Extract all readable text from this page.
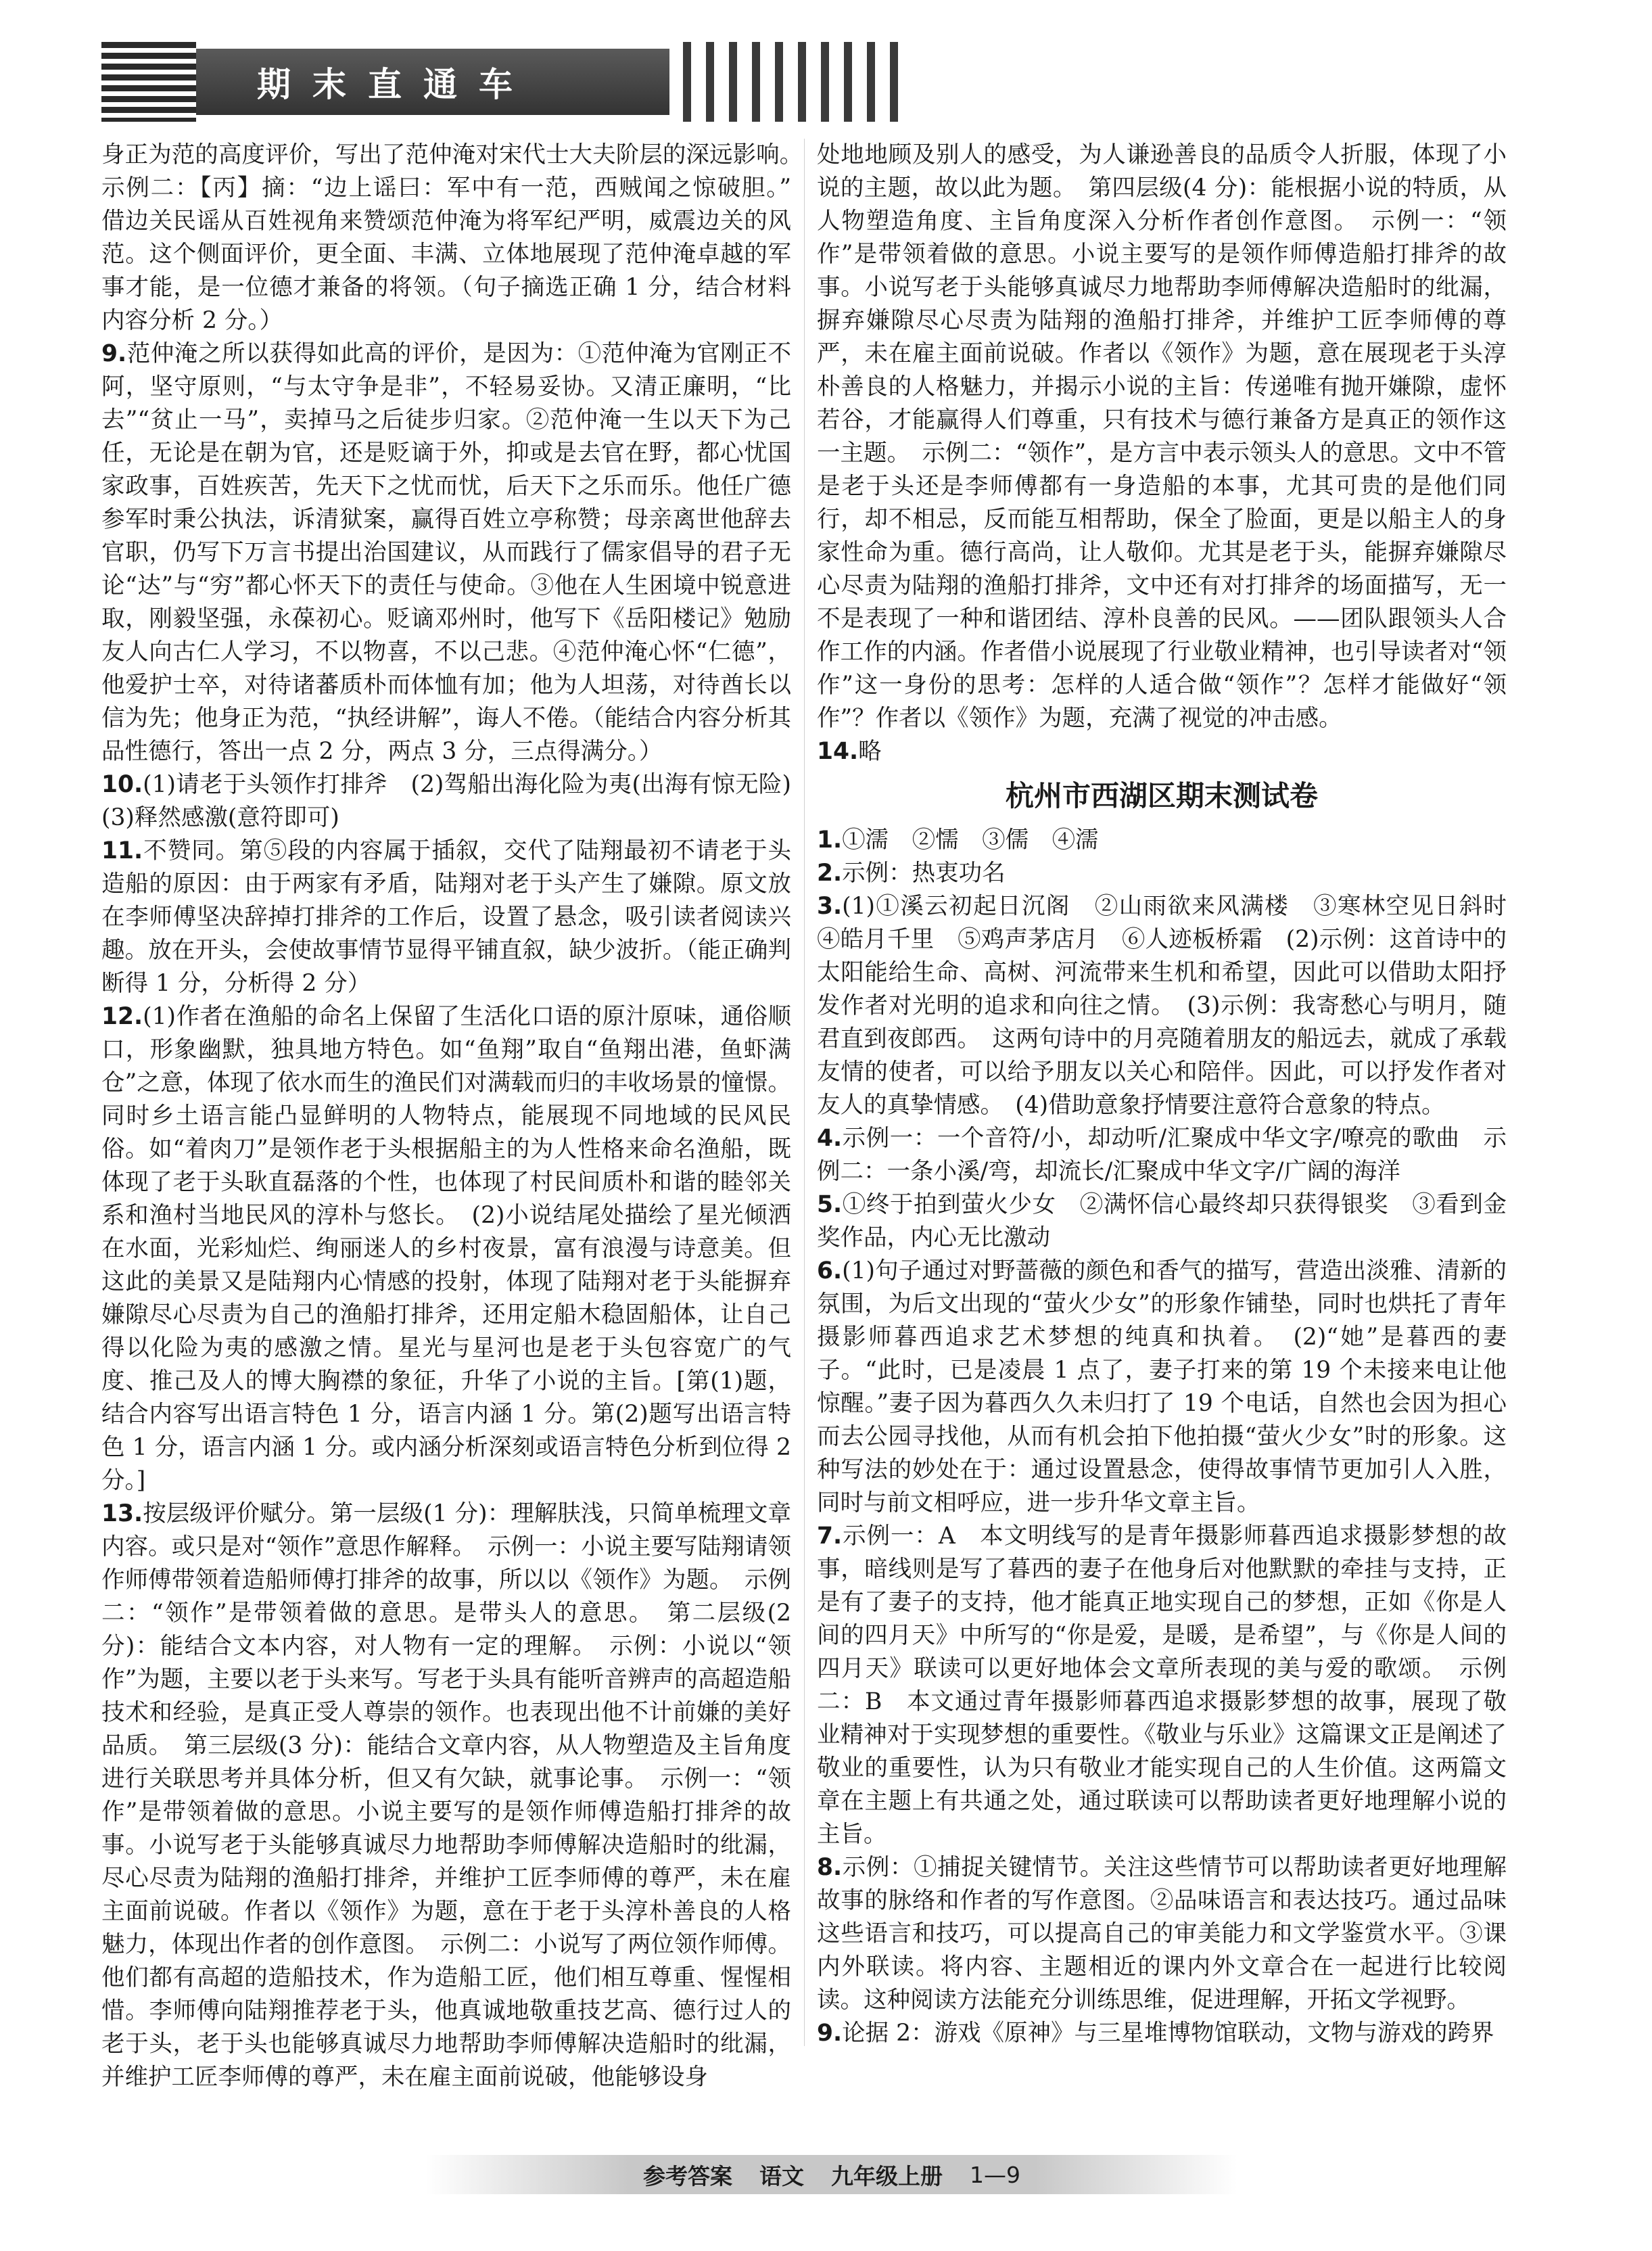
期末直通车

身正为范的高度评价，写出了范仲淹对宋代士大夫阶层的深远影响。　示例二：【丙】摘：“边上谣曰：军中有一范，西贼闻之惊破胆。”　借边关民谣从百姓视角来赞颂范仲淹为将军纪严明，威震边关的风范。这个侧面评价，更全面、丰满、立体地展现了范仲淹卓越的军事才能，是一位德才兼备的将领。（句子摘选正确 1 分，结合材料内容分析 2 分。）

9.范仲淹之所以获得如此高的评价，是因为：①范仲淹为官刚正不阿，坚守原则，“与太守争是非”，不轻易妥协。又清正廉明，“比去”“贫止一马”，卖掉马之后徒步归家。②范仲淹一生以天下为己任，无论是在朝为官，还是贬谪于外，抑或是去官在野，都心忧国家政事，百姓疾苦，先天下之忧而忧，后天下之乐而乐。他任广德参军时秉公执法，诉清狱案，赢得百姓立亭称赞；母亲离世他辞去官职，仍写下万言书提出治国建议，从而践行了儒家倡导的君子无论“达”与“穷”都心怀天下的责任与使命。③他在人生困境中锐意进取，刚毅坚强，永葆初心。贬谪邓州时，他写下《岳阳楼记》勉励友人向古仁人学习，不以物喜，不以己悲。④范仲淹心怀“仁德”，他爱护士卒，对待诸蕃质朴而体恤有加；他为人坦荡，对待酋长以信为先；他身正为范，“执经讲解”，诲人不倦。（能结合内容分析其品性德行，答出一点 2 分，两点 3 分，三点得满分。）

10.(1)请老于头领作打排斧　(2)驾船出海化险为夷(出海有惊无险)　(3)释然感激(意符即可)

11.不赞同。第⑤段的内容属于插叙，交代了陆翔最初不请老于头造船的原因：由于两家有矛盾，陆翔对老于头产生了嫌隙。原文放在李师傅坚决辞掉打排斧的工作后，设置了悬念，吸引读者阅读兴趣。放在开头，会使故事情节显得平铺直叙，缺少波折。（能正确判断得 1 分，分析得 2 分）

12.(1)作者在渔船的命名上保留了生活化口语的原汁原味，通俗顺口，形象幽默，独具地方特色。如“鱼翔”取自“鱼翔出港，鱼虾满仓”之意，体现了依水而生的渔民们对满载而归的丰收场景的憧憬。同时乡土语言能凸显鲜明的人物特点，能展现不同地域的民风民俗。如“着肉刀”是领作老于头根据船主的为人性格来命名渔船，既体现了老于头耿直磊落的个性，也体现了村民间质朴和谐的睦邻关系和渔村当地民风的淳朴与悠长。　(2)小说结尾处描绘了星光倾洒在水面，光彩灿烂、绚丽迷人的乡村夜景，富有浪漫与诗意美。但这此的美景又是陆翔内心情感的投射，体现了陆翔对老于头能摒弃嫌隙尽心尽责为自己的渔船打排斧，还用定船木稳固船体，让自己得以化险为夷的感激之情。星光与星河也是老于头包容宽广的气度、推己及人的博大胸襟的象征，升华了小说的主旨。[第(1)题，结合内容写出语言特色 1 分，语言内涵 1 分。第(2)题写出语言特色 1 分，语言内涵 1 分。或内涵分析深刻或语言特色分析到位得 2 分。]

13.按层级评价赋分。第一层级(1 分)：理解肤浅，只简单梳理文章内容。或只是对“领作”意思作解释。　示例一：小说主要写陆翔请领作师傅带领着造船师傅打排斧的故事，所以以《领作》为题。　示例二：“领作”是带领着做的意思。是带头人的意思。　第二层级(2 分)：能结合文本内容，对人物有一定的理解。　示例：小说以“领作”为题，主要以老于头来写。写老于头具有能听音辨声的高超造船技术和经验，是真正受人尊崇的领作。也表现出他不计前嫌的美好品质。　第三层级(3 分)：能结合文章内容，从人物塑造及主旨角度进行关联思考并具体分析，但又有欠缺，就事论事。　示例一：“领作”是带领着做的意思。小说主要写的是领作师傅造船打排斧的故事。小说写老于头能够真诚尽力地帮助李师傅解决造船时的纰漏，尽心尽责为陆翔的渔船打排斧，并维护工匠李师傅的尊严，未在雇主面前说破。作者以《领作》为题，意在于老于头淳朴善良的人格魅力，体现出作者的创作意图。　示例二：小说写了两位领作师傅。他们都有高超的造船技术，作为造船工匠，他们相互尊重、惺惺相惜。李师傅向陆翔推荐老于头，他真诚地敬重技艺高、德行过人的老于头，老于头也能够真诚尽力地帮助李师傅解决造船时的纰漏，并维护工匠李师傅的尊严，未在雇主面前说破，他能够设身

处地地顾及别人的感受，为人谦逊善良的品质令人折服，体现了小说的主题，故以此为题。　第四层级(4 分)：能根据小说的特质，从人物塑造角度、主旨角度深入分析作者创作意图。　示例一：“领作”是带领着做的意思。小说主要写的是领作师傅造船打排斧的故事。小说写老于头能够真诚尽力地帮助李师傅解决造船时的纰漏，摒弃嫌隙尽心尽责为陆翔的渔船打排斧，并维护工匠李师傅的尊严，未在雇主面前说破。作者以《领作》为题，意在展现老于头淳朴善良的人格魅力，并揭示小说的主旨：传递唯有抛开嫌隙，虚怀若谷，才能赢得人们尊重，只有技术与德行兼备方是真正的领作这一主题。　示例二：“领作”，是方言中表示领头人的意思。文中不管是老于头还是李师傅都有一身造船的本事，尤其可贵的是他们同行，却不相忌，反而能互相帮助，保全了脸面，更是以船主人的身家性命为重。德行高尚，让人敬仰。尤其是老于头，能摒弃嫌隙尽心尽责为陆翔的渔船打排斧，文中还有对打排斧的场面描写，无一不是表现了一种和谐团结、淳朴良善的民风。——团队跟领头人合作工作的内涵。作者借小说展现了行业敬业精神，也引导读者对“领作”这一身份的思考：怎样的人适合做“领作”？怎样才能做好“领作”？作者以《领作》为题，充满了视觉的冲击感。

14.略

杭州市西湖区期末测试卷

1.①濡　②懦　③儒　④濡

2.示例：热衷功名

3.(1)①溪云初起日沉阁　②山雨欲来风满楼　③寒林空见日斜时　④皓月千里　⑤鸡声茅店月　⑥人迹板桥霜　(2)示例：这首诗中的太阳能给生命、高树、河流带来生机和希望，因此可以借助太阳抒发作者对光明的追求和向往之情。　(3)示例：我寄愁心与明月，随君直到夜郎西。　这两句诗中的月亮随着朋友的船远去，就成了承载友情的使者，可以给予朋友以关心和陪伴。因此，可以抒发作者对友人的真挚情感。　(4)借助意象抒情要注意符合意象的特点。

4.示例一：一个音符/小，却动听/汇聚成中华文字/嘹亮的歌曲　示例二：一条小溪/弯，却流长/汇聚成中华文字/广阔的海洋

5.①终于拍到萤火少女　②满怀信心最终却只获得银奖　③看到金奖作品，内心无比激动

6.(1)句子通过对野蔷薇的颜色和香气的描写，营造出淡雅、清新的氛围，为后文出现的“萤火少女”的形象作铺垫，同时也烘托了青年摄影师暮西追求艺术梦想的纯真和执着。　(2)“她”是暮西的妻子。“此时，已是凌晨 1 点了，妻子打来的第 19 个未接来电让他惊醒。”妻子因为暮西久久未归打了 19 个电话，自然也会因为担心而去公园寻找他，从而有机会拍下他拍摄“萤火少女”时的形象。这种写法的妙处在于：通过设置悬念，使得故事情节更加引人入胜，同时与前文相呼应，进一步升华文章主旨。

7.示例一：A　本文明线写的是青年摄影师暮西追求摄影梦想的故事，暗线则是写了暮西的妻子在他身后对他默默的牵挂与支持，正是有了妻子的支持，他才能真正地实现自己的梦想，正如《你是人间的四月天》中所写的“你是爱，是暖，是希望”，与《你是人间的四月天》联读可以更好地体会文章所表现的美与爱的歌颂。　示例二：B　本文通过青年摄影师暮西追求摄影梦想的故事，展现了敬业精神对于实现梦想的重要性。《敬业与乐业》这篇课文正是阐述了敬业的重要性，认为只有敬业才能实现自己的人生价值。这两篇文章在主题上有共通之处，通过联读可以帮助读者更好地理解小说的主旨。

8.示例：①捕捉关键情节。关注这些情节可以帮助读者更好地理解故事的脉络和作者的写作意图。②品味语言和表达技巧。通过品味这些语言和技巧，可以提高自己的审美能力和文学鉴赏水平。③课内外联读。将内容、主题相近的课内外文章合在一起进行比较阅读。这种阅读方法能充分训练思维，促进理解，开拓文学视野。

9.论据 2：游戏《原神》与三星堆博物馆联动，文物与游戏的跨界

参考答案 语文 九年级上册 1—9
